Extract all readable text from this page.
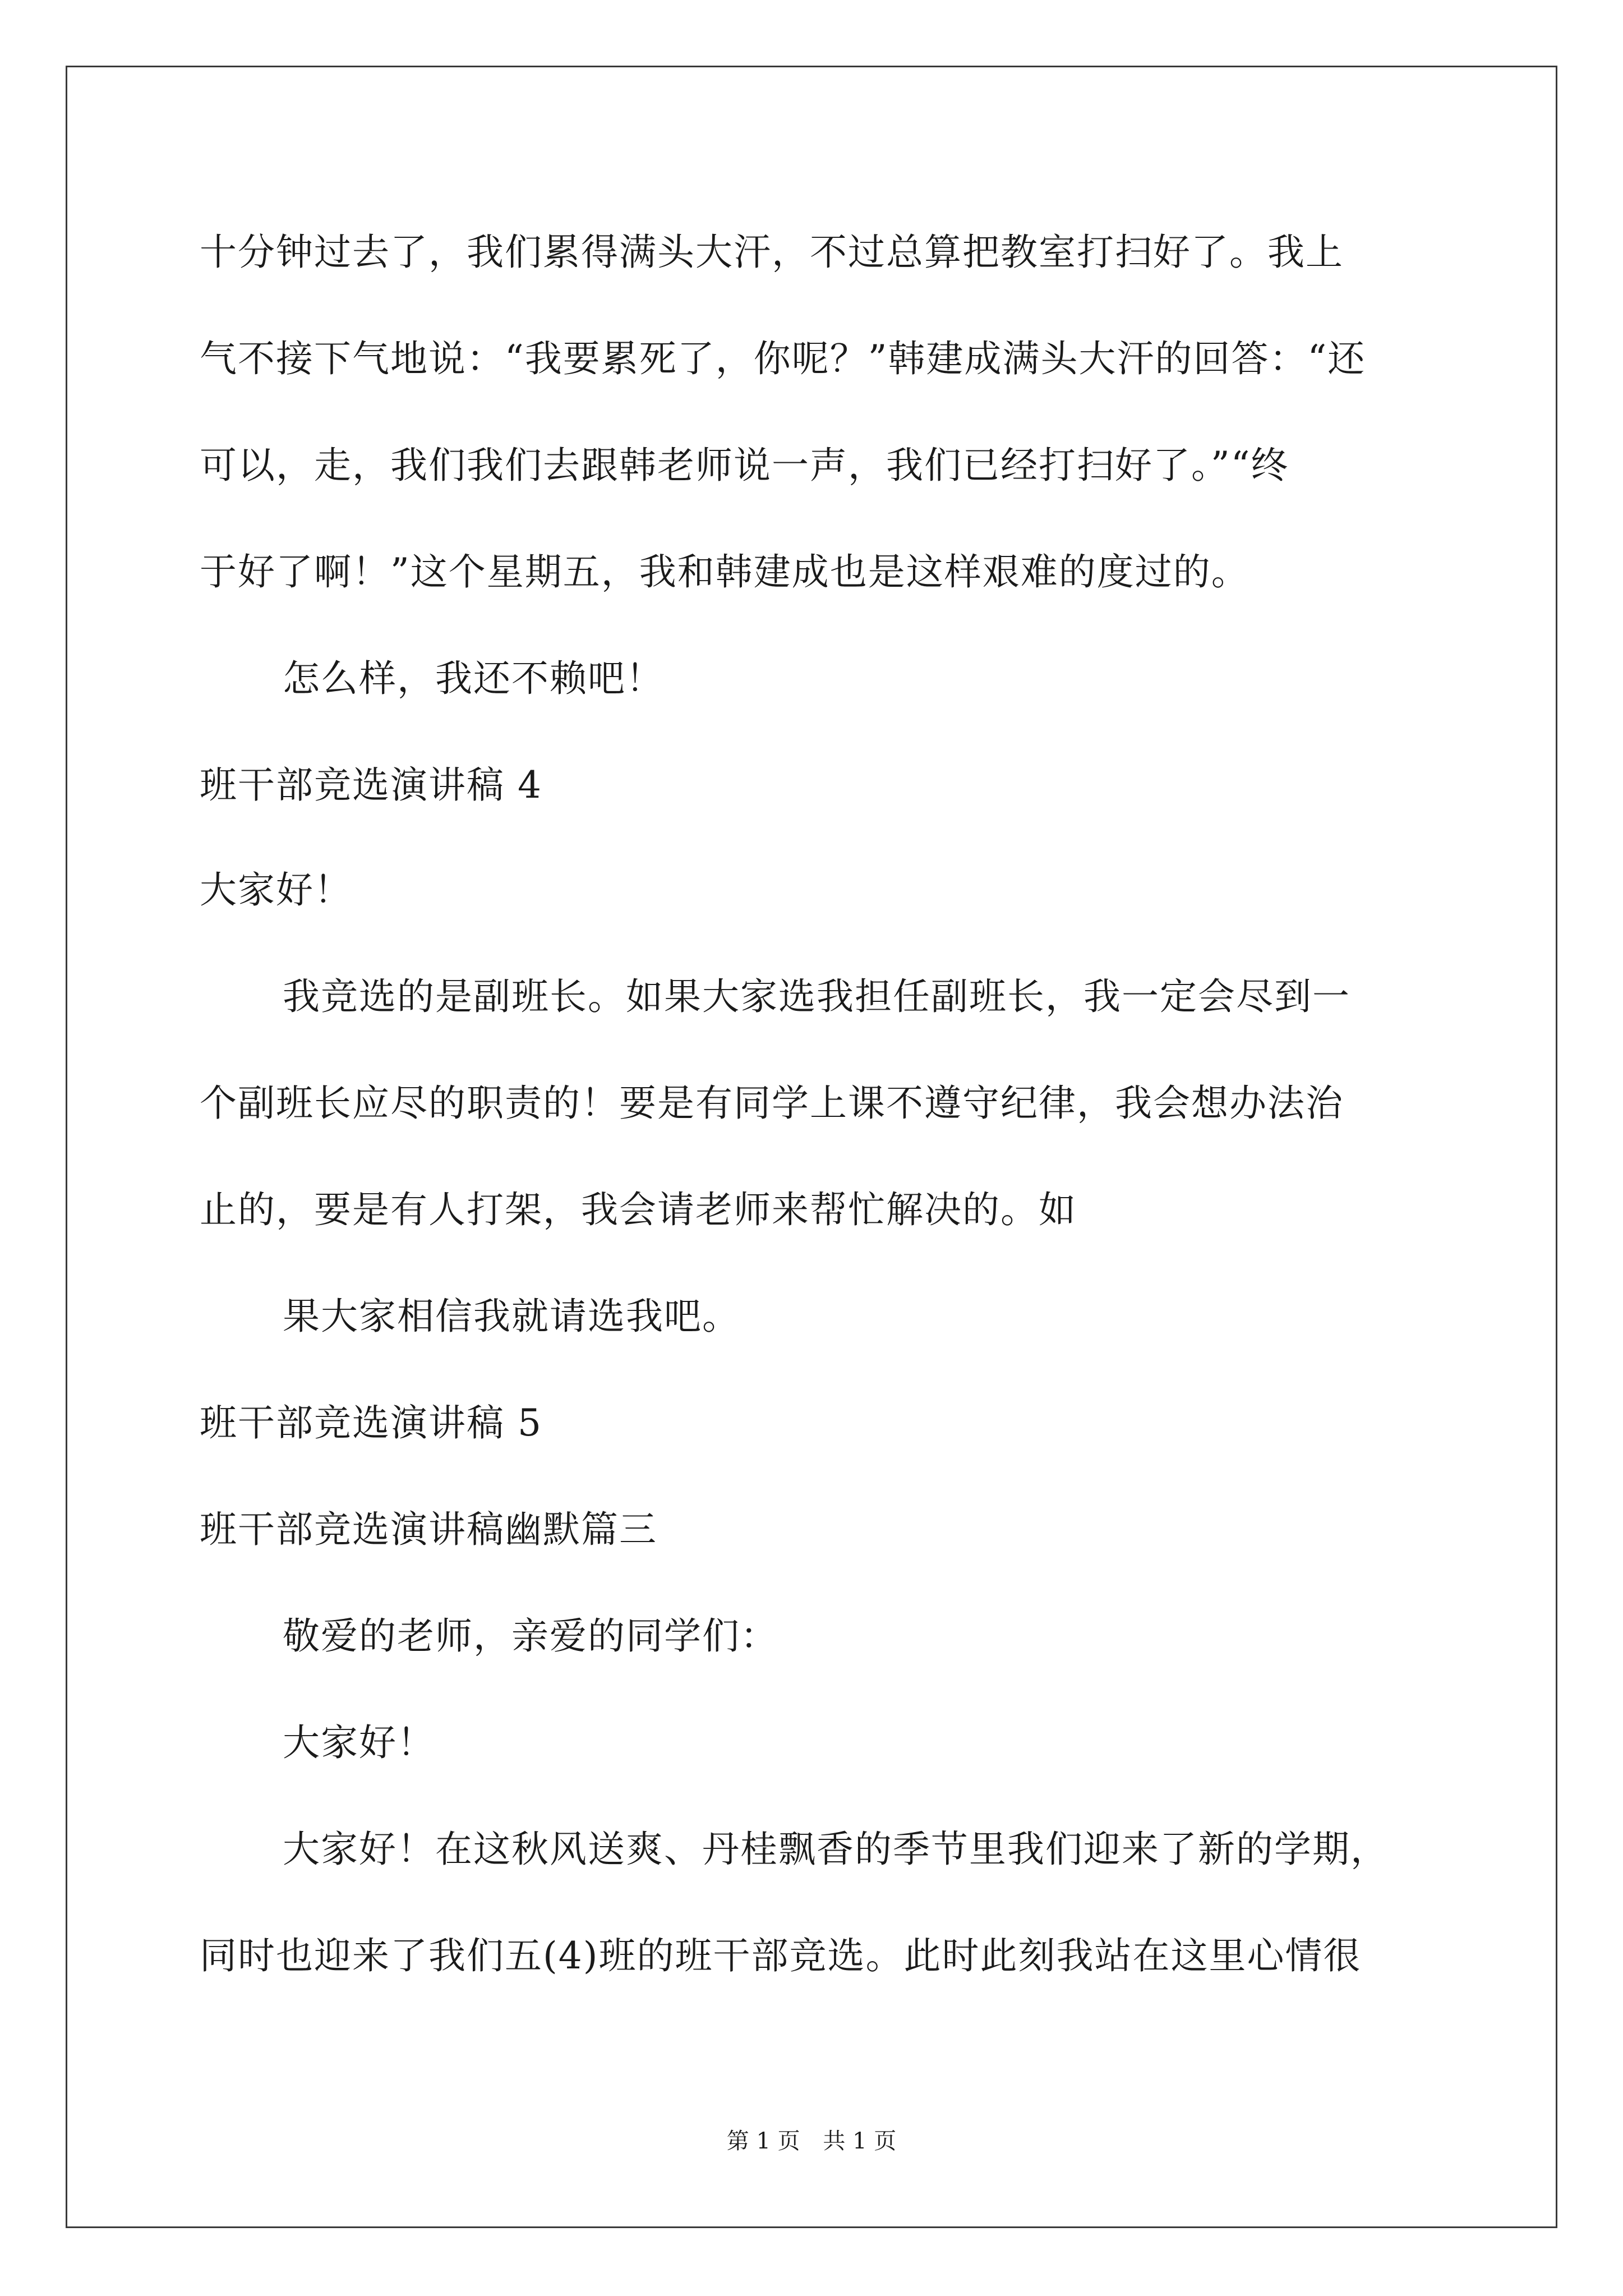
十分钟过去了，我们累得满头大汗，不过总算把教室打扫好了。我上
气不接下气地说：“我要累死了，你呢？”韩建成满头大汗的回答：“还
可以，走，我们我们去跟韩老师说一声，我们已经打扫好了。”“终
于好了啊！”这个星期五，我和韩建成也是这样艰难的度过的。
怎么样，我还不赖吧！
班干部竞选演讲稿 4
大家好！
我竞选的是副班长。如果大家选我担任副班长，我一定会尽到一
个副班长应尽的职责的！要是有同学上课不遵守纪律，我会想办法治
止的，要是有人打架，我会请老师来帮忙解决的。如
果大家相信我就请选我吧。
班干部竞选演讲稿 5
班干部竞选演讲稿幽默篇三
敬爱的老师，亲爱的同学们：
大家好！
大家好！在这秋风送爽、丹桂飘香的季节里我们迎来了新的学期，
同时也迎来了我们五(4)班的班干部竞选。此时此刻我站在这里心情很
第 1 页 共 1 页
